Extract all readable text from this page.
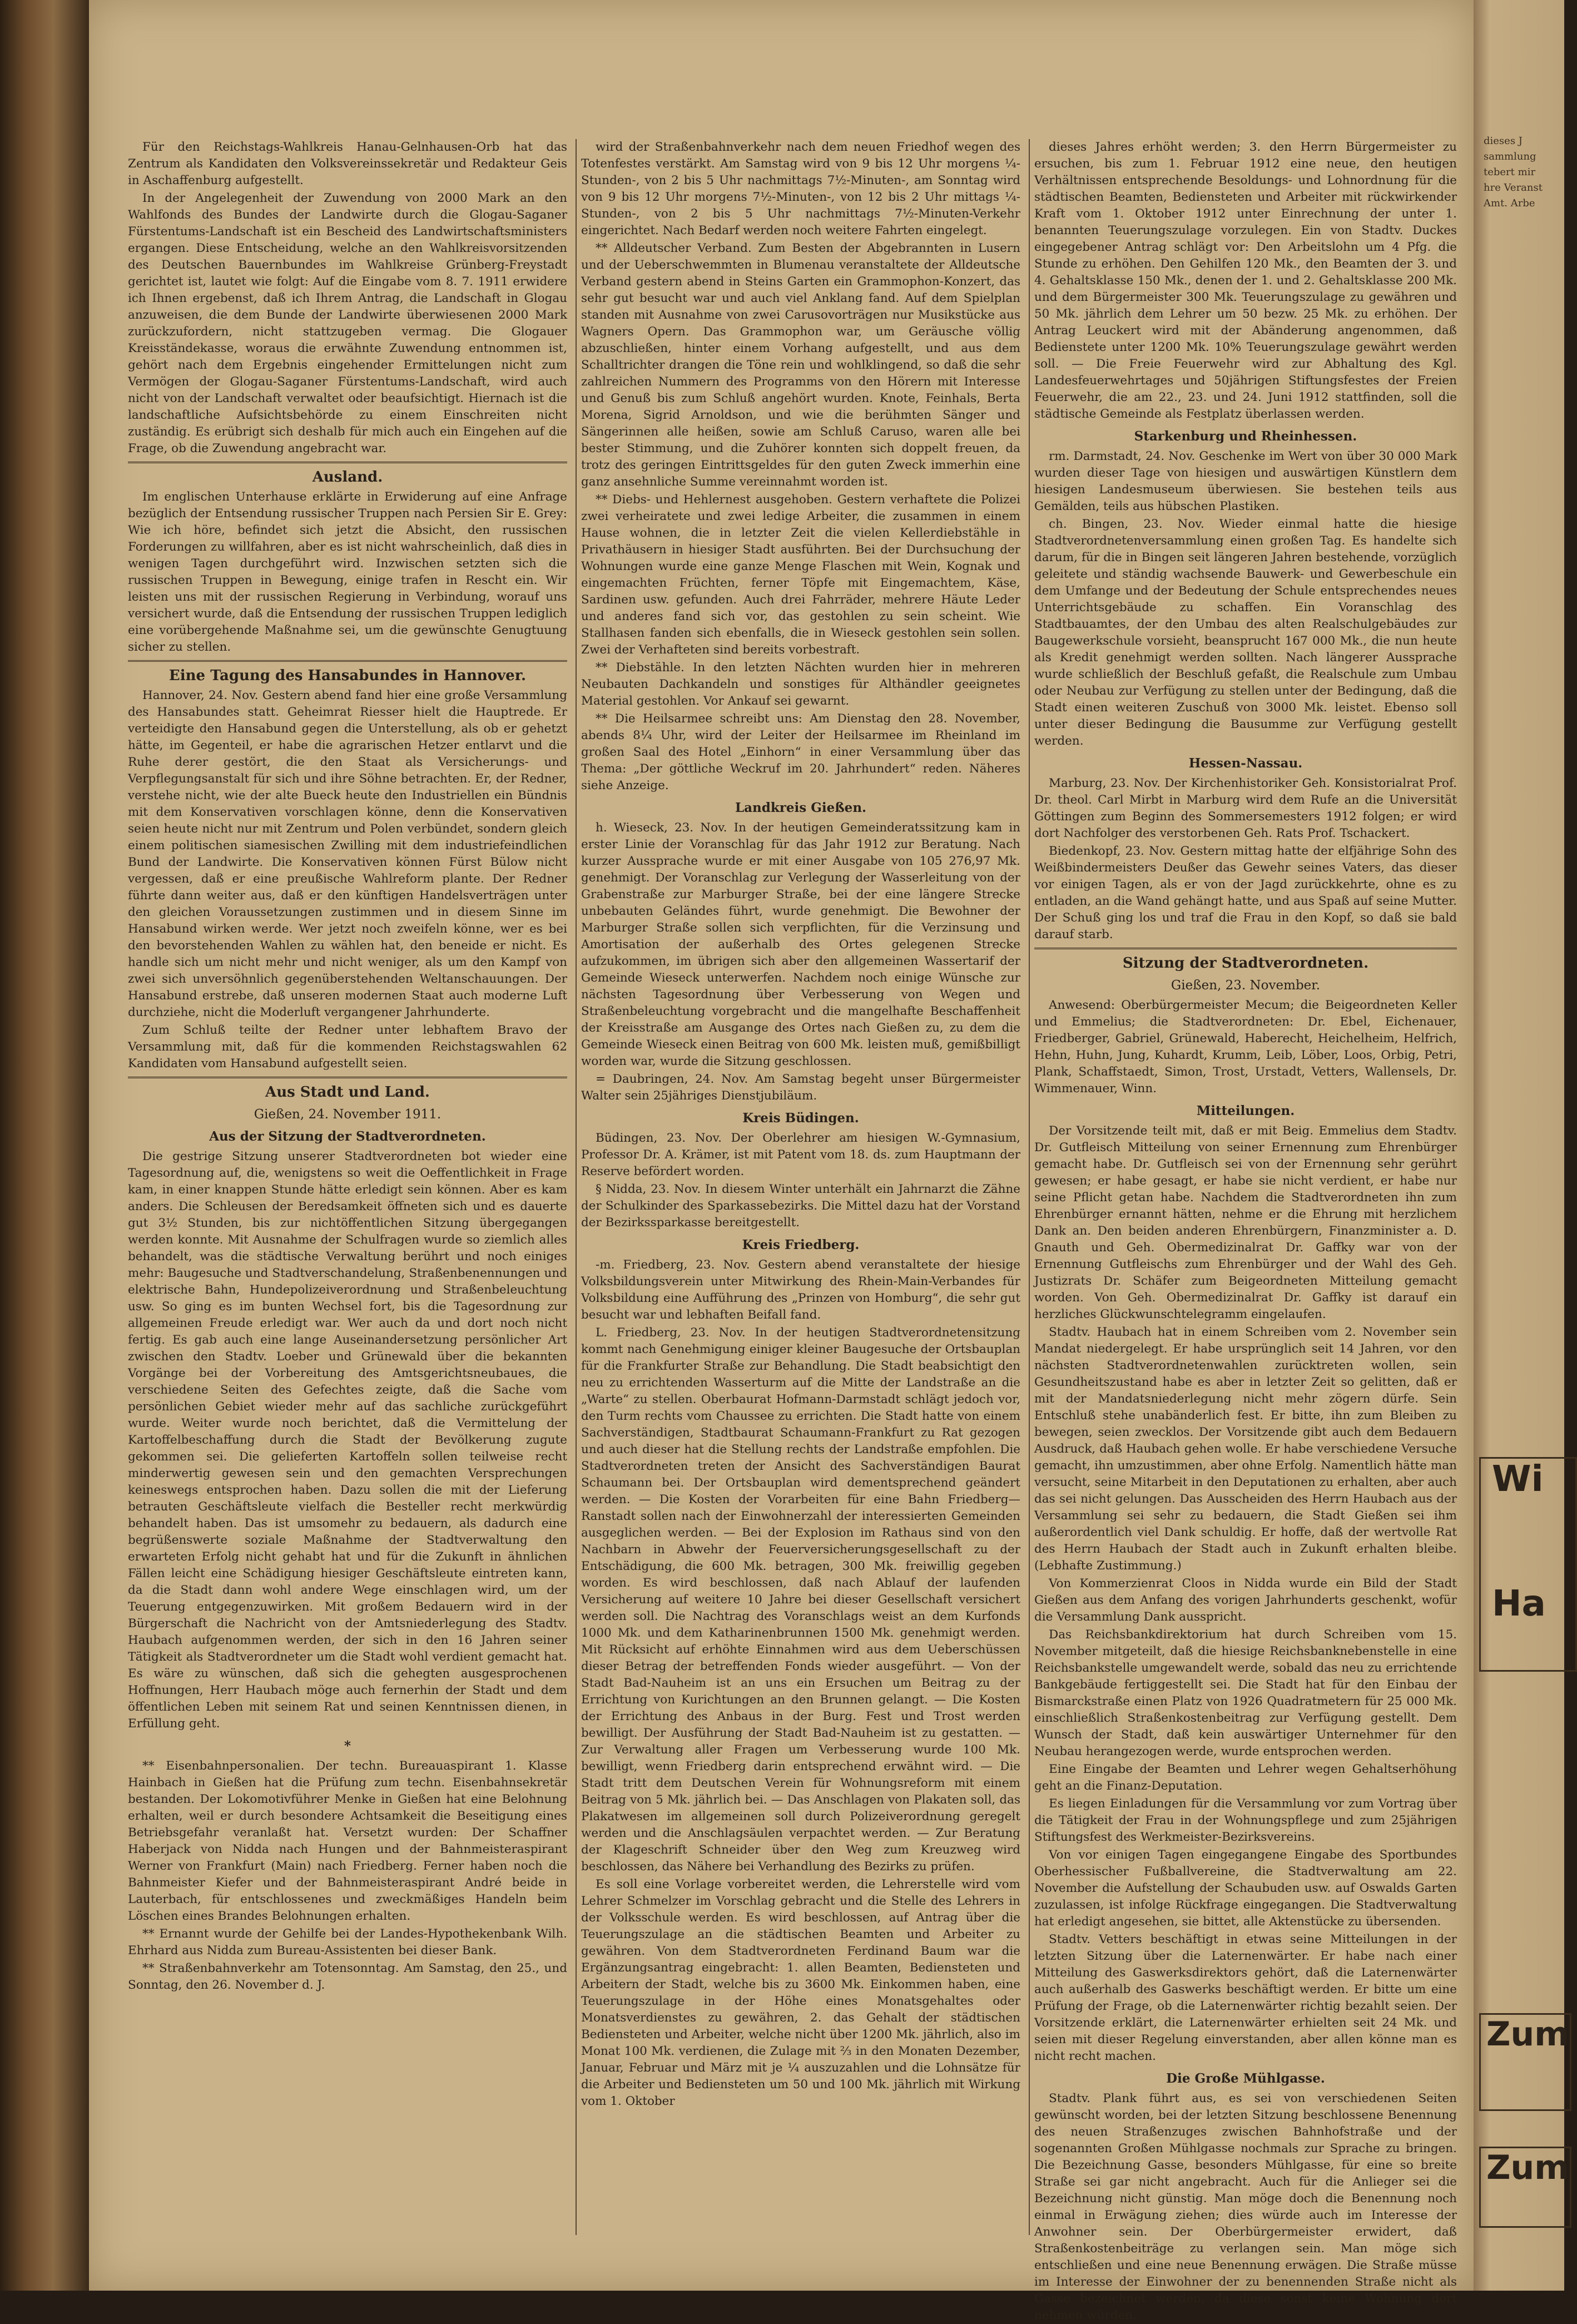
Für den Reichstags-Wahlkreis Hanau-Gelnhausen-Orb hat das Zentrum als Kandidaten den Volksvereinssekretär und Redakteur Geis in Aschaffenburg aufgestellt.

In der Angelegenheit der Zuwendung von 2000 Mark an den Wahlfonds des Bundes der Landwirte durch die Glogau-Saganer Fürstentums-Landschaft ist ein Bescheid des Landwirtschaftsministers ergangen. Diese Entscheidung, welche an den Wahlkreisvorsitzenden des Deutschen Bauernbundes im Wahlkreise Grünberg-Freystadt gerichtet ist, lautet wie folgt: Auf die Eingabe vom 8. 7. 1911 erwidere ich Ihnen ergebenst, daß ich Ihrem Antrag, die Landschaft in Glogau anzuweisen, die dem Bunde der Landwirte überwiesenen 2000 Mark zurückzufordern, nicht stattzugeben vermag. Die Glogauer Kreisständekasse, woraus die erwähnte Zuwendung entnommen ist, gehört nach dem Ergebnis eingehender Ermittelungen nicht zum Vermögen der Glogau-Saganer Fürstentums-Landschaft, wird auch nicht von der Landschaft verwaltet oder beaufsichtigt. Hiernach ist die landschaftliche Aufsichtsbehörde zu einem Einschreiten nicht zuständig. Es erübrigt sich deshalb für mich auch ein Eingehen auf die Frage, ob die Zuwendung angebracht war.

Ausland.

Im englischen Unterhause erklärte in Erwiderung auf eine Anfrage bezüglich der Entsendung russischer Truppen nach Persien Sir E. Grey: Wie ich höre, befindet sich jetzt die Absicht, den russischen Forderungen zu willfahren, aber es ist nicht wahrscheinlich, daß dies in wenigen Tagen durchgeführt wird. Inzwischen setzten sich die russischen Truppen in Bewegung, einige trafen in Rescht ein. Wir leisten uns mit der russischen Regierung in Verbindung, worauf uns versichert wurde, daß die Entsendung der russischen Truppen lediglich eine vorübergehende Maßnahme sei, um die gewünschte Genugtuung sicher zu stellen.

Eine Tagung des Hansabundes in Hannover.

Hannover, 24. Nov. Gestern abend fand hier eine große Versammlung des Hansabundes statt. Geheimrat Riesser hielt die Hauptrede. Er verteidigte den Hansabund gegen die Unterstellung, als ob er gehetzt hätte, im Gegenteil, er habe die agrarischen Hetzer entlarvt und die Ruhe derer gestört, die den Staat als Versicherungs- und Verpflegungsanstalt für sich und ihre Söhne betrachten. Er, der Redner, verstehe nicht, wie der alte Bueck heute den Industriellen ein Bündnis mit dem Konservativen vorschlagen könne, denn die Konservativen seien heute nicht nur mit Zentrum und Polen verbündet, sondern gleich einem politischen siamesischen Zwilling mit dem industriefeindlichen Bund der Landwirte. Die Konservativen können Fürst Bülow nicht vergessen, daß er eine preußische Wahlreform plante. Der Redner führte dann weiter aus, daß er den künftigen Handelsverträgen unter den gleichen Voraussetzungen zustimmen und in diesem Sinne im Hansabund wirken werde. Wer jetzt noch zweifeln könne, wer es bei den bevorstehenden Wahlen zu wählen hat, den beneide er nicht. Es handle sich um nicht mehr und nicht weniger, als um den Kampf von zwei sich unversöhnlich gegenüberstehenden Weltanschauungen. Der Hansabund erstrebe, daß unseren modernen Staat auch moderne Luft durchziehe, nicht die Moderluft vergangener Jahrhunderte.

Zum Schluß teilte der Redner unter lebhaftem Bravo der Versammlung mit, daß für die kommenden Reichstagswahlen 62 Kandidaten vom Hansabund aufgestellt seien.

Aus Stadt und Land.
Gießen, 24. November 1911.
Aus der Sitzung der Stadtverordneten.

Die gestrige Sitzung unserer Stadtverordneten bot wieder eine Tagesordnung auf, die, wenigstens so weit die Oeffentlichkeit in Frage kam, in einer knappen Stunde hätte erledigt sein können. Aber es kam anders. Die Schleusen der Beredsamkeit öffneten sich und es dauerte gut 3½ Stunden, bis zur nichtöffentlichen Sitzung übergegangen werden konnte. Mit Ausnahme der Schulfragen wurde so ziemlich alles behandelt, was die städtische Verwaltung berührt und noch einiges mehr: Baugesuche und Stadtverschandelung, Straßenbenennungen und elektrische Bahn, Hundepolizeiverordnung und Straßenbeleuchtung usw. So ging es im bunten Wechsel fort, bis die Tagesordnung zur allgemeinen Freude erledigt war. Wer auch da und dort noch nicht fertig. Es gab auch eine lange Auseinandersetzung persönlicher Art zwischen den Stadtv. Loeber und Grünewald über die bekannten Vorgänge bei der Vorbereitung des Amtsgerichtsneubaues, die verschiedene Seiten des Gefechtes zeigte, daß die Sache vom persönlichen Gebiet wieder mehr auf das sachliche zurückgeführt wurde. Weiter wurde noch berichtet, daß die Vermittelung der Kartoffelbeschaffung durch die Stadt der Bevölkerung zugute gekommen sei. Die gelieferten Kartoffeln sollen teilweise recht minderwertig gewesen sein und den gemachten Versprechungen keineswegs entsprochen haben. Dazu sollen die mit der Lieferung betrauten Geschäftsleute vielfach die Besteller recht merkwürdig behandelt haben. Das ist umsomehr zu bedauern, als dadurch eine begrüßenswerte soziale Maßnahme der Stadtverwaltung den erwarteten Erfolg nicht gehabt hat und für die Zukunft in ähnlichen Fällen leicht eine Schädigung hiesiger Geschäftsleute eintreten kann, da die Stadt dann wohl andere Wege einschlagen wird, um der Teuerung entgegenzuwirken. Mit großem Bedauern wird in der Bürgerschaft die Nachricht von der Amtsniederlegung des Stadtv. Haubach aufgenommen werden, der sich in den 16 Jahren seiner Tätigkeit als Stadtverordneter um die Stadt wohl verdient gemacht hat. Es wäre zu wünschen, daß sich die gehegten ausgesprochenen Hoffnungen, Herr Haubach möge auch fernerhin der Stadt und dem öffentlichen Leben mit seinem Rat und seinen Kenntnissen dienen, in Erfüllung geht.

*

** Eisenbahnpersonalien. Der techn. Bureauaspirant 1. Klasse Hainbach in Gießen hat die Prüfung zum techn. Eisenbahnsekretär bestanden. Der Lokomotivführer Menke in Gießen hat eine Belohnung erhalten, weil er durch besondere Achtsamkeit die Beseitigung eines Betriebsgefahr veranlaßt hat. Versetzt wurden: Der Schaffner Haberjack von Nidda nach Hungen und der Bahnmeisteraspirant Werner von Frankfurt (Main) nach Friedberg. Ferner haben noch die Bahnmeister Kiefer und der Bahnmeisteraspirant André beide in Lauterbach, für entschlossenes und zweckmäßiges Handeln beim Löschen eines Brandes Belohnungen erhalten.

** Ernannt wurde der Gehilfe bei der Landes-Hypothekenbank Wilh. Ehrhard aus Nidda zum Bureau-Assistenten bei dieser Bank.

** Straßenbahnverkehr am Totensonntag. Am Samstag, den 25., und Sonntag, den 26. November d. J.

wird der Straßenbahnverkehr nach dem neuen Friedhof wegen des Totenfestes verstärkt. Am Samstag wird von 9 bis 12 Uhr morgens ¼-Stunden-, von 2 bis 5 Uhr nachmittags 7½-Minuten-, am Sonntag wird von 9 bis 12 Uhr morgens 7½-Minuten-, von 12 bis 2 Uhr mittags ¼-Stunden-, von 2 bis 5 Uhr nachmittags 7½-Minuten-Verkehr eingerichtet. Nach Bedarf werden noch weitere Fahrten eingelegt.

** Alldeutscher Verband. Zum Besten der Abgebrannten in Lusern und der Ueberschwemmten in Blumenau veranstaltete der Alldeutsche Verband gestern abend in Steins Garten ein Grammophon-Konzert, das sehr gut besucht war und auch viel Anklang fand. Auf dem Spielplan standen mit Ausnahme von zwei Carusovorträgen nur Musikstücke aus Wagners Opern. Das Grammophon war, um Geräusche völlig abzuschließen, hinter einem Vorhang aufgestellt, und aus dem Schalltrichter drangen die Töne rein und wohlklingend, so daß die sehr zahlreichen Nummern des Programms von den Hörern mit Interesse und Genuß bis zum Schluß angehört wurden. Knote, Feinhals, Berta Morena, Sigrid Arnoldson, und wie die berühmten Sänger und Sängerinnen alle heißen, sowie am Schluß Caruso, waren alle bei bester Stimmung, und die Zuhörer konnten sich doppelt freuen, da trotz des geringen Eintrittsgeldes für den guten Zweck immerhin eine ganz ansehnliche Summe vereinnahmt worden ist.

** Diebs- und Hehlernest ausgehoben. Gestern verhaftete die Polizei zwei verheiratete und zwei ledige Arbeiter, die zusammen in einem Hause wohnen, die in letzter Zeit die vielen Kellerdiebstähle in Privathäusern in hiesiger Stadt ausführten. Bei der Durchsuchung der Wohnungen wurde eine ganze Menge Flaschen mit Wein, Kognak und eingemachten Früchten, ferner Töpfe mit Eingemachtem, Käse, Sardinen usw. gefunden. Auch drei Fahrräder, mehrere Häute Leder und anderes fand sich vor, das gestohlen zu sein scheint. Wie Stallhasen fanden sich ebenfalls, die in Wieseck gestohlen sein sollen. Zwei der Verhafteten sind bereits vorbestraft.

** Diebstähle. In den letzten Nächten wurden hier in mehreren Neubauten Dachkandeln und sonstiges für Althändler geeignetes Material gestohlen. Vor Ankauf sei gewarnt.

** Die Heilsarmee schreibt uns: Am Dienstag den 28. November, abends 8¼ Uhr, wird der Leiter der Heilsarmee im Rheinland im großen Saal des Hotel „Einhorn“ in einer Versammlung über das Thema: „Der göttliche Weckruf im 20. Jahrhundert“ reden. Näheres siehe Anzeige.

Landkreis Gießen.

h. Wieseck, 23. Nov. In der heutigen Gemeinderatssitzung kam in erster Linie der Voranschlag für das Jahr 1912 zur Beratung. Nach kurzer Aussprache wurde er mit einer Ausgabe von 105 276,97 Mk. genehmigt. Der Voranschlag zur Verlegung der Wasserleitung von der Grabenstraße zur Marburger Straße, bei der eine längere Strecke unbebauten Geländes führt, wurde genehmigt. Die Bewohner der Marburger Straße sollen sich verpflichten, für die Verzinsung und Amortisation der außerhalb des Ortes gelegenen Strecke aufzukommen, im übrigen sich aber den allgemeinen Wassertarif der Gemeinde Wieseck unterwerfen. Nachdem noch einige Wünsche zur nächsten Tagesordnung über Verbesserung von Wegen und Straßenbeleuchtung vorgebracht und die mangelhafte Beschaffenheit der Kreisstraße am Ausgange des Ortes nach Gießen zu, zu dem die Gemeinde Wieseck einen Beitrag von 600 Mk. leisten muß, gemißbilligt worden war, wurde die Sitzung geschlossen.

= Daubringen, 24. Nov. Am Samstag begeht unser Bürgermeister Walter sein 25jähriges Dienstjubiläum.

Kreis Büdingen.

Büdingen, 23. Nov. Der Oberlehrer am hiesigen W.-Gymnasium, Professor Dr. A. Krämer, ist mit Patent vom 18. ds. zum Hauptmann der Reserve befördert worden.

§ Nidda, 23. Nov. In diesem Winter unterhält ein Jahrnarzt die Zähne der Schulkinder des Sparkassebezirks. Die Mittel dazu hat der Vorstand der Bezirkssparkasse bereitgestellt.

Kreis Friedberg.

-m. Friedberg, 23. Nov. Gestern abend veranstaltete der hiesige Volksbildungsverein unter Mitwirkung des Rhein-Main-Verbandes für Volksbildung eine Aufführung des „Prinzen von Homburg“, die sehr gut besucht war und lebhaften Beifall fand.

L. Friedberg, 23. Nov. In der heutigen Stadtverordnetensitzung kommt nach Genehmigung einiger kleiner Baugesuche der Ortsbauplan für die Frankfurter Straße zur Behandlung. Die Stadt beabsichtigt den neu zu errichtenden Wasserturm auf die Mitte der Landstraße an die „Warte“ zu stellen. Oberbaurat Hofmann-Darmstadt schlägt jedoch vor, den Turm rechts vom Chaussee zu errichten. Die Stadt hatte von einem Sachverständigen, Stadtbaurat Schaumann-Frankfurt zu Rat gezogen und auch dieser hat die Stellung rechts der Landstraße empfohlen. Die Stadtverordneten treten der Ansicht des Sachverständigen Baurat Schaumann bei. Der Ortsbauplan wird dementsprechend geändert werden. — Die Kosten der Vorarbeiten für eine Bahn Friedberg—Ranstadt sollen nach der Einwohnerzahl der interessierten Gemeinden ausgeglichen werden. — Bei der Explosion im Rathaus sind von den Nachbarn in Abwehr der Feuerversicherungsgesellschaft zu der Entschädigung, die 600 Mk. betragen, 300 Mk. freiwillig gegeben worden. Es wird beschlossen, daß nach Ablauf der laufenden Versicherung auf weitere 10 Jahre bei dieser Gesellschaft versichert werden soll. Die Nachtrag des Voranschlags weist an dem Kurfonds 1000 Mk. und dem Katharinenbrunnen 1500 Mk. genehmigt werden. Mit Rücksicht auf erhöhte Einnahmen wird aus dem Ueberschüssen dieser Betrag der betreffenden Fonds wieder ausgeführt. — Von der Stadt Bad-Nauheim ist an uns ein Ersuchen um Beitrag zu der Errichtung von Kurichtungen an den Brunnen gelangt. — Die Kosten der Errichtung des Anbaus in der Burg. Fest und Trost werden bewilligt. Der Ausführung der Stadt Bad-Nauheim ist zu gestatten. — Zur Verwaltung aller Fragen um Verbesserung wurde 100 Mk. bewilligt, wenn Friedberg darin entsprechend erwähnt wird. — Die Stadt tritt dem Deutschen Verein für Wohnungsreform mit einem Beitrag von 5 Mk. jährlich bei. — Das Anschlagen von Plakaten soll, das Plakatwesen im allgemeinen soll durch Polizeiverordnung geregelt werden und die Anschlagsäulen verpachtet werden. — Zur Beratung der Klageschrift Schneider über den Weg zum Kreuzweg wird beschlossen, das Nähere bei Verhandlung des Bezirks zu prüfen.

Es soll eine Vorlage vorbereitet werden, die Lehrerstelle wird vom Lehrer Schmelzer im Vorschlag gebracht und die Stelle des Lehrers in der Volksschule werden. Es wird beschlossen, auf Antrag über die Teuerungszulage an die städtischen Beamten und Arbeiter zu gewähren. Von dem Stadtverordneten Ferdinand Baum war die Ergänzungsantrag eingebracht: 1. allen Beamten, Bediensteten und Arbeitern der Stadt, welche bis zu 3600 Mk. Einkommen haben, eine Teuerungszulage in der Höhe eines Monatsgehaltes oder Monatsverdienstes zu gewähren, 2. das Gehalt der städtischen Bediensteten und Arbeiter, welche nicht über 1200 Mk. jährlich, also im Monat 100 Mk. verdienen, die Zulage mit ⅔ in den Monaten Dezember, Januar, Februar und März mit je ¼ auszuzahlen und die Lohnsätze für die Arbeiter und Bediensteten um 50 und 100 Mk. jährlich mit Wirkung vom 1. Oktober

dieses Jahres erhöht werden; 3. den Herrn Bürgermeister zu ersuchen, bis zum 1. Februar 1912 eine neue, den heutigen Verhältnissen entsprechende Besoldungs- und Lohnordnung für die städtischen Beamten, Bediensteten und Arbeiter mit rückwirkender Kraft vom 1. Oktober 1912 unter Einrechnung der unter 1. benannten Teuerungszulage vorzulegen. Ein von Stadtv. Duckes eingegebener Antrag schlägt vor: Den Arbeitslohn um 4 Pfg. die Stunde zu erhöhen. Den Gehilfen 120 Mk., den Beamten der 3. und 4. Gehaltsklasse 150 Mk., denen der 1. und 2. Gehaltsklasse 200 Mk. und dem Bürgermeister 300 Mk. Teuerungszulage zu gewähren und 50 Mk. jährlich dem Lehrer um 50 bezw. 25 Mk. zu erhöhen. Der Antrag Leuckert wird mit der Abänderung angenommen, daß Bedienstete unter 1200 Mk. 10% Teuerungszulage gewährt werden soll. — Die Freie Feuerwehr wird zur Abhaltung des Kgl. Landesfeuerwehrtages und 50jährigen Stiftungsfestes der Freien Feuerwehr, die am 22., 23. und 24. Juni 1912 stattfinden, soll die städtische Gemeinde als Festplatz überlassen werden.

Starkenburg und Rheinhessen.

rm. Darmstadt, 24. Nov. Geschenke im Wert von über 30 000 Mark wurden dieser Tage von hiesigen und auswärtigen Künstlern dem hiesigen Landesmuseum überwiesen. Sie bestehen teils aus Gemälden, teils aus hübschen Plastiken.

ch. Bingen, 23. Nov. Wieder einmal hatte die hiesige Stadtverordnetenversammlung einen großen Tag. Es handelte sich darum, für die in Bingen seit längeren Jahren bestehende, vorzüglich geleitete und ständig wachsende Bauwerk- und Gewerbeschule ein dem Umfange und der Bedeutung der Schule entsprechendes neues Unterrichtsgebäude zu schaffen. Ein Voranschlag des Stadtbauamtes, der den Umbau des alten Realschulgebäudes zur Baugewerkschule vorsieht, beansprucht 167 000 Mk., die nun heute als Kredit genehmigt werden sollten. Nach längerer Aussprache wurde schließlich der Beschluß gefaßt, die Realschule zum Umbau oder Neubau zur Verfügung zu stellen unter der Bedingung, daß die Stadt einen weiteren Zuschuß von 3000 Mk. leistet. Ebenso soll unter dieser Bedingung die Bausumme zur Verfügung gestellt werden.

Hessen-Nassau.

Marburg, 23. Nov. Der Kirchenhistoriker Geh. Konsistorialrat Prof. Dr. theol. Carl Mirbt in Marburg wird dem Rufe an die Universität Göttingen zum Beginn des Sommersemesters 1912 folgen; er wird dort Nachfolger des verstorbenen Geh. Rats Prof. Tschackert.

Biedenkopf, 23. Nov. Gestern mittag hatte der elfjährige Sohn des Weißbindermeisters Deußer das Gewehr seines Vaters, das dieser vor einigen Tagen, als er von der Jagd zurückkehrte, ohne es zu entladen, an die Wand gehängt hatte, und aus Spaß auf seine Mutter. Der Schuß ging los und traf die Frau in den Kopf, so daß sie bald darauf starb.

Sitzung der Stadtverordneten.
Gießen, 23. November.

Anwesend: Oberbürgermeister Mecum; die Beigeordneten Keller und Emmelius; die Stadtverordneten: Dr. Ebel, Eichenauer, Friedberger, Gabriel, Grünewald, Haberecht, Heichelheim, Helfrich, Hehn, Huhn, Jung, Kuhardt, Krumm, Leib, Löber, Loos, Orbig, Petri, Plank, Schaffstaedt, Simon, Trost, Urstadt, Vetters, Wallensels, Dr. Wimmenauer, Winn.

Mitteilungen.

Der Vorsitzende teilt mit, daß er mit Beig. Emmelius dem Stadtv. Dr. Gutfleisch Mitteilung von seiner Ernennung zum Ehrenbürger gemacht habe. Dr. Gutfleisch sei von der Ernennung sehr gerührt gewesen; er habe gesagt, er habe sie nicht verdient, er habe nur seine Pflicht getan habe. Nachdem die Stadtverordneten ihn zum Ehrenbürger ernannt hätten, nehme er die Ehrung mit herzlichem Dank an. Den beiden anderen Ehrenbürgern, Finanzminister a. D. Gnauth und Geh. Obermedizinalrat Dr. Gaffky war von der Ernennung Gutfleischs zum Ehrenbürger und der Wahl des Geh. Justizrats Dr. Schäfer zum Beigeordneten Mitteilung gemacht worden. Von Geh. Obermedizinalrat Dr. Gaffky ist darauf ein herzliches Glückwunschtelegramm eingelaufen.

Stadtv. Haubach hat in einem Schreiben vom 2. November sein Mandat niedergelegt. Er habe ursprünglich seit 14 Jahren, vor den nächsten Stadtverordnetenwahlen zurücktreten wollen, sein Gesundheitszustand habe es aber in letzter Zeit so gelitten, daß er mit der Mandatsniederlegung nicht mehr zögern dürfe. Sein Entschluß stehe unabänderlich fest. Er bitte, ihn zum Bleiben zu bewegen, seien zwecklos. Der Vorsitzende gibt auch dem Bedauern Ausdruck, daß Haubach gehen wolle. Er habe verschiedene Versuche gemacht, ihn umzustimmen, aber ohne Erfolg. Namentlich hätte man versucht, seine Mitarbeit in den Deputationen zu erhalten, aber auch das sei nicht gelungen. Das Ausscheiden des Herrn Haubach aus der Versammlung sei sehr zu bedauern, die Stadt Gießen sei ihm außerordentlich viel Dank schuldig. Er hoffe, daß der wertvolle Rat des Herrn Haubach der Stadt auch in Zukunft erhalten bleibe. (Lebhafte Zustimmung.)

Von Kommerzienrat Cloos in Nidda wurde ein Bild der Stadt Gießen aus dem Anfang des vorigen Jahrhunderts geschenkt, wofür die Versammlung Dank ausspricht.

Das Reichsbankdirektorium hat durch Schreiben vom 15. November mitgeteilt, daß die hiesige Reichsbanknebenstelle in eine Reichsbankstelle umgewandelt werde, sobald das neu zu errichtende Bankgebäude fertiggestellt sei. Die Stadt hat für den Einbau der Bismarckstraße einen Platz von 1926 Quadratmetern für 25 000 Mk. einschließlich Straßenkostenbeitrag zur Verfügung gestellt. Dem Wunsch der Stadt, daß kein auswärtiger Unternehmer für den Neubau herangezogen werde, wurde entsprochen werden.

Eine Eingabe der Beamten und Lehrer wegen Gehaltserhöhung geht an die Finanz-Deputation.

Es liegen Einladungen für die Versammlung vor zum Vortrag über die Tätigkeit der Frau in der Wohnungspflege und zum 25jährigen Stiftungsfest des Werkmeister-Bezirksvereins.

Von vor einigen Tagen eingegangene Eingabe des Sportbundes Oberhessischer Fußballvereine, die Stadtverwaltung am 22. November die Aufstellung der Schaubuden usw. auf Oswalds Garten zuzulassen, ist infolge Rückfrage eingegangen. Die Stadtverwaltung hat erledigt angesehen, sie bittet, alle Aktenstücke zu übersenden.

Stadtv. Vetters beschäftigt in etwas seine Mitteilungen in der letzten Sitzung über die Laternenwärter. Er habe nach einer Mitteilung des Gaswerksdirektors gehört, daß die Laternenwärter auch außerhalb des Gaswerks beschäftigt werden. Er bitte um eine Prüfung der Frage, ob die Laternenwärter richtig bezahlt seien. Der Vorsitzende erklärt, die Laternenwärter erhielten seit 24 Mk. und seien mit dieser Regelung einverstanden, aber allen könne man es nicht recht machen.

Die Große Mühlgasse.

Stadtv. Plank führt aus, es sei von verschiedenen Seiten gewünscht worden, bei der letzten Sitzung beschlossene Benennung des neuen Straßenzuges zwischen Bahnhofstraße und der sogenannten Großen Mühlgasse nochmals zur Sprache zu bringen. Die Bezeichnung Gasse, besonders Mühlgasse, für eine so breite Straße sei gar nicht angebracht. Auch für die Anlieger sei die Bezeichnung nicht günstig. Man möge doch die Benennung noch einmal in Erwägung ziehen; dies würde auch im Interesse der Anwohner sein. Der Oberbürgermeister erwidert, daß Straßenkostenbeiträge zu verlangen sein. Man möge sich entschließen und eine neue Benennung erwägen. Die Straße müsse im Interesse der Einwohner der zu benennenden Straße nicht als Gasse bezeichnet werden, da diese sonst keine Wohnung dort nehmen würden.

dieses J
sammlung
tebert mir
hre Veranst
Amt. Arbe
Wi
Ha
Zum
Zum
